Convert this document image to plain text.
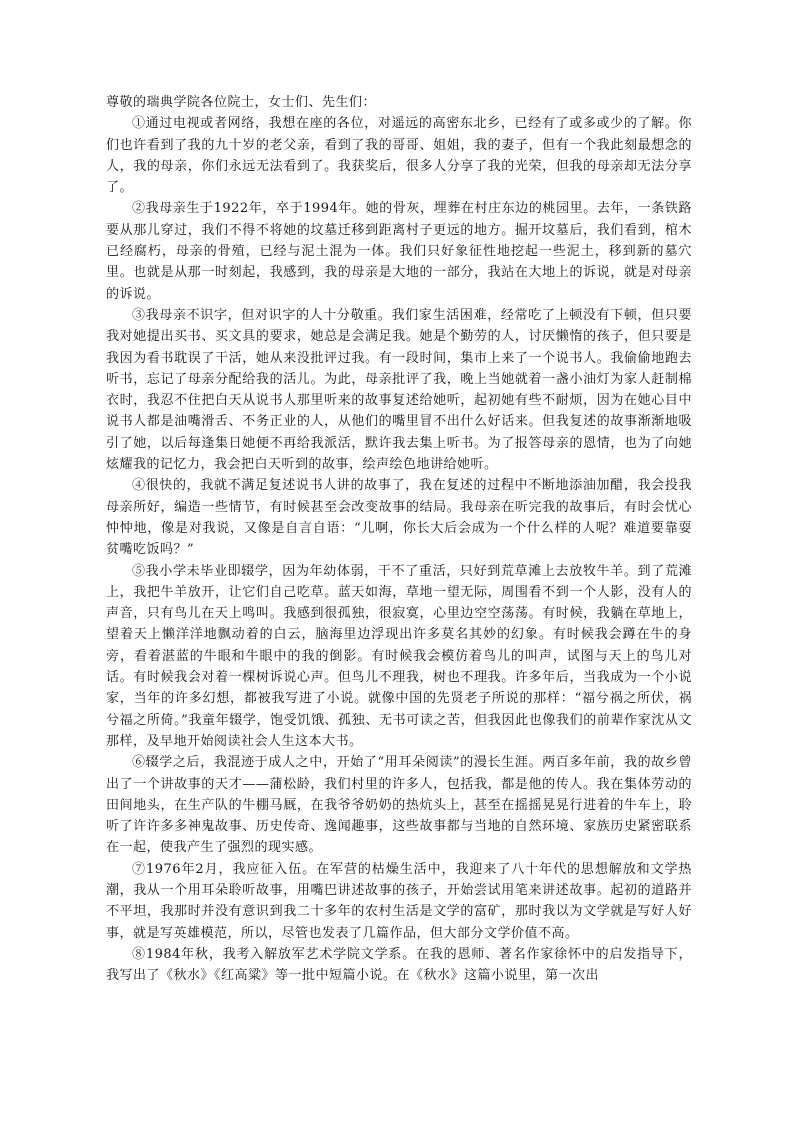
尊敬的瑞典学院各位院士，女士们、先生们：

①通过电视或者网络，我想在座的各位，对遥远的高密东北乡，已经有了或多或少的了解。你们也许看到了我的九十岁的老父亲，看到了我的哥哥、姐姐，我的妻子，但有一个我此刻最想念的人，我的母亲，你们永远无法看到了。我获奖后，很多人分享了我的光荣，但我的母亲却无法分享了。

②我母亲生于1922年，卒于1994年。她的骨灰，埋葬在村庄东边的桃园里。去年，一条铁路要从那儿穿过，我们不得不将她的坟墓迁移到距离村子更远的地方。掘开坟墓后，我们看到，棺木已经腐朽，母亲的骨殖，已经与泥土混为一体。我们只好象征性地挖起一些泥土，移到新的墓穴里。也就是从那一时刻起，我感到，我的母亲是大地的一部分，我站在大地上的诉说，就是对母亲的诉说。

③我母亲不识字，但对识字的人十分敬重。我们家生活困难，经常吃了上顿没有下顿，但只要我对她提出买书、买文具的要求，她总是会满足我。她是个勤劳的人，讨厌懒惰的孩子，但只要是我因为看书耽误了干活，她从来没批评过我。有一段时间，集市上来了一个说书人。我偷偷地跑去听书，忘记了母亲分配给我的活儿。为此，母亲批评了我，晚上当她就着一盏小油灯为家人赶制棉衣时，我忍不住把白天从说书人那里听来的故事复述给她听，起初她有些不耐烦，因为在她心目中说书人都是油嘴滑舌、不务正业的人，从他们的嘴里冒不出什么好话来。但我复述的故事渐渐地吸引了她，以后每逢集日她便不再给我派活，默许我去集上听书。为了报答母亲的恩情，也为了向她炫耀我的记忆力，我会把白天听到的故事，绘声绘色地讲给她听。

④很快的，我就不满足复述说书人讲的故事了，我在复述的过程中不断地添油加醋，我会投我母亲所好，编造一些情节，有时候甚至会改变故事的结局。我母亲在听完我的故事后，有时会忧心忡忡地，像是对我说，又像是自言自语：“儿啊，你长大后会成为一个什么样的人呢？难道要靠耍贫嘴吃饭吗？”

⑤我小学未毕业即辍学，因为年幼体弱，干不了重活，只好到荒草滩上去放牧牛羊。到了荒滩上，我把牛羊放开，让它们自己吃草。蓝天如海，草地一望无际，周围看不到一个人影，没有人的声音，只有鸟儿在天上鸣叫。我感到很孤独，很寂寞，心里边空空荡荡。有时候，我躺在草地上，望着天上懒洋洋地飘动着的白云，脑海里边浮现出许多莫名其妙的幻象。有时候我会蹲在牛的身旁，看着湛蓝的牛眼和牛眼中的我的倒影。有时候我会模仿着鸟儿的叫声，试图与天上的鸟儿对话。有时候我会对着一棵树诉说心声。但鸟儿不理我，树也不理我。许多年后，当我成为一个小说家，当年的许多幻想，都被我写进了小说。就像中国的先贤老子所说的那样：“福兮祸之所伏，祸兮福之所倚。”我童年辍学，饱受饥饿、孤独、无书可读之苦，但我因此也像我们的前辈作家沈从文那样，及早地开始阅读社会人生这本大书。

⑥辍学之后，我混迹于成人之中，开始了“用耳朵阅读”的漫长生涯。两百多年前，我的故乡曾出了一个讲故事的天才——蒲松龄，我们村里的许多人，包括我，都是他的传人。我在集体劳动的田间地头，在生产队的牛棚马厩，在我爷爷奶奶的热炕头上，甚至在摇摇晃晃行进着的牛车上，聆听了许许多多神鬼故事、历史传奇、逸闻趣事，这些故事都与当地的自然环境、家族历史紧密联系在一起，使我产生了强烈的现实感。

⑦1976年2月，我应征入伍。在军营的枯燥生活中，我迎来了八十年代的思想解放和文学热潮，我从一个用耳朵聆听故事，用嘴巴讲述故事的孩子，开始尝试用笔来讲述故事。起初的道路并不平坦，我那时并没有意识到我二十多年的农村生活是文学的富矿，那时我以为文学就是写好人好事，就是写英雄模范，所以，尽管也发表了几篇作品，但大部分文学价值不高。

⑧1984年秋，我考入解放军艺术学院文学系。在我的恩师、著名作家徐怀中的启发指导下，我写出了《秋水》《红高粱》等一批中短篇小说。在《秋水》这篇小说里，第一次出
